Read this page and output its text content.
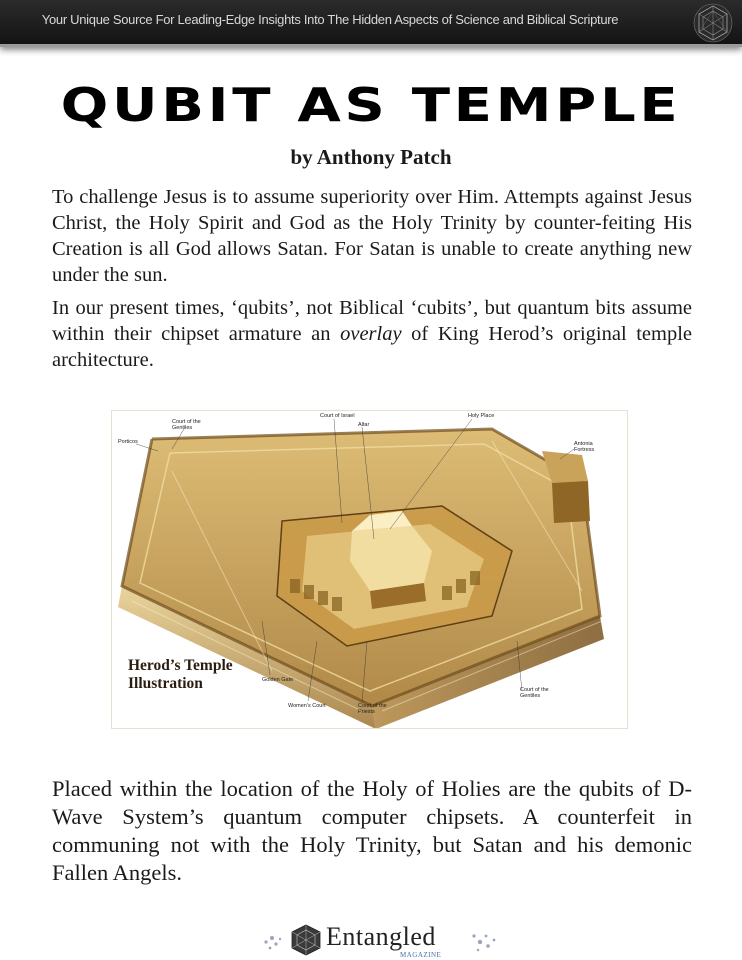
Your Unique Source For Leading-Edge Insights Into The Hidden Aspects of Science and Biblical Scripture
QUBIT AS TEMPLE
by Anthony Patch

To challenge Jesus is to assume superiority over Him. Attempts against Jesus Christ, the Holy Spirit and God as the Holy Trinity by counter-feiting His Creation is all God allows Satan. For Satan is unable to create anything new under the sun.

In our present times, ‘qubits’, not Biblical ‘cubits’, but quantum bits assume within their chipset armature an overlay of King Herod’s original temple architecture.

Court of the
Gentiles
Porticos
Court of Israel
Altar
Holy Place
Antonia
Fortress
Golden Gate
Women’s Court	Court of the
Priests
Court of the
Gentiles
Herod’s Temple
Illustration

Placed within the location of the Holy of Holies are the qubits of D-Wave System’s quantum computer chipsets. A counterfeit in communing not with the Holy Trinity, but Satan and his demonic Fallen Angels.

Entangled
MAGAZINE
